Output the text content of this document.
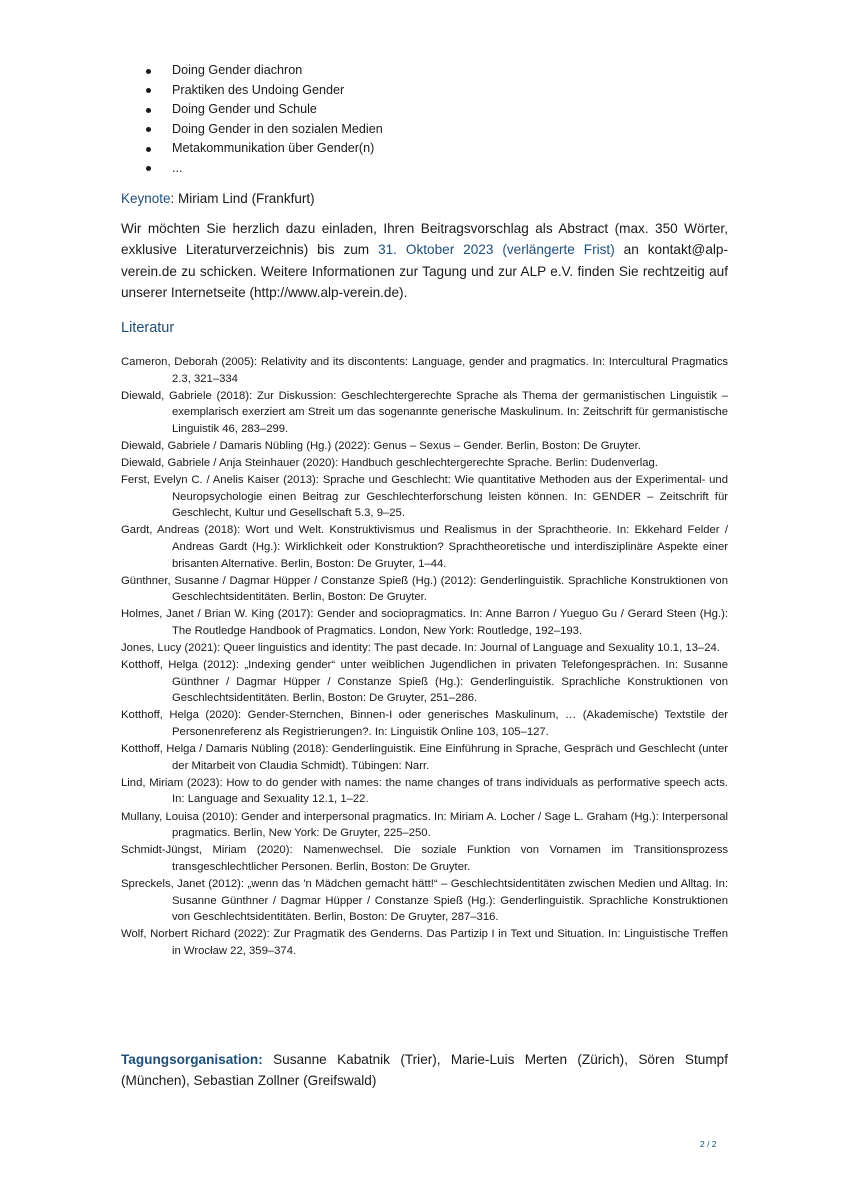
Doing Gender diachron
Praktiken des Undoing Gender
Doing Gender und Schule
Doing Gender in den sozialen Medien
Metakommunikation über Gender(n)
...
Keynote: Miriam Lind (Frankfurt)

Wir möchten Sie herzlich dazu einladen, Ihren Beitragsvorschlag als Abstract (max. 350 Wörter, exklusive Literaturverzeichnis) bis zum 31. Oktober 2023 (verlängerte Frist) an kontakt@alp-verein.de zu schicken. Weitere Informationen zur Tagung und zur ALP e.V. finden Sie rechtzeitig auf unserer Internetseite (http://www.alp-verein.de).

Literatur

Cameron, Deborah (2005): Relativity and its discontents: Language, gender and pragmatics. In: Intercultural Pragmatics 2.3, 321–334

Diewald, Gabriele (2018): Zur Diskussion: Geschlechtergerechte Sprache als Thema der germanistischen Linguistik – exemplarisch exerziert am Streit um das sogenannte generische Maskulinum. In: Zeitschrift für germanistische Linguistik 46, 283–299.

Diewald, Gabriele / Damaris Nübling (Hg.) (2022): Genus – Sexus – Gender. Berlin, Boston: De Gruyter.

Diewald, Gabriele / Anja Steinhauer (2020): Handbuch geschlechtergerechte Sprache. Berlin: Dudenverlag.

Ferst, Evelyn C. / Anelis Kaiser (2013): Sprache und Geschlecht: Wie quantitative Methoden aus der Experimental- und Neuropsychologie einen Beitrag zur Geschlechterforschung leisten können. In: GENDER – Zeitschrift für Geschlecht, Kultur und Gesellschaft 5.3, 9–25.

Gardt, Andreas (2018): Wort und Welt. Konstruktivismus und Realismus in der Sprachtheorie. In: Ekkehard Felder / Andreas Gardt (Hg.): Wirklichkeit oder Konstruktion? Sprachtheoretische und interdisziplinäre Aspekte einer brisanten Alternative. Berlin, Boston: De Gruyter, 1–44.

Günthner, Susanne / Dagmar Hüpper / Constanze Spieß (Hg.) (2012): Genderlinguistik. Sprachliche Konstruktionen von Geschlechtsidentitäten. Berlin, Boston: De Gruyter.

Holmes, Janet / Brian W. King (2017): Gender and sociopragmatics. In: Anne Barron / Yueguo Gu / Gerard Steen (Hg.): The Routledge Handbook of Pragmatics. London, New York: Routledge, 192–193.

Jones, Lucy (2021): Queer linguistics and identity: The past decade. In: Journal of Language and Sexuality 10.1, 13–24.

Kotthoff, Helga (2012): „Indexing gender“ unter weiblichen Jugendlichen in privaten Telefongesprächen. In: Susanne Günthner / Dagmar Hüpper / Constanze Spieß (Hg.): Genderlinguistik. Sprachliche Konstruktionen von Geschlechtsidentitäten. Berlin, Boston: De Gruyter, 251–286.

Kotthoff, Helga (2020): Gender-Sternchen, Binnen-I oder generisches Maskulinum, … (Akademische) Textstile der Personenreferenz als Registrierungen?. In: Linguistik Online 103, 105–127.

Kotthoff, Helga / Damaris Nübling (2018): Genderlinguistik. Eine Einführung in Sprache, Gespräch und Geschlecht (unter der Mitarbeit von Claudia Schmidt). Tübingen: Narr.

Lind, Miriam (2023): How to do gender with names: the name changes of trans individuals as performative speech acts. In: Language and Sexuality 12.1, 1–22.

Mullany, Louisa (2010): Gender and interpersonal pragmatics. In: Miriam A. Locher / Sage L. Graham (Hg.): Interpersonal pragmatics. Berlin, New York: De Gruyter, 225–250.

Schmidt-Jüngst, Miriam (2020): Namenwechsel. Die soziale Funktion von Vornamen im Transitionsprozess transgeschlechtlicher Personen. Berlin, Boston: De Gruyter.

Spreckels, Janet (2012): „wenn das 'n Mädchen gemacht hätt!“ – Geschlechtsidentitäten zwischen Medien und Alltag. In: Susanne Günthner / Dagmar Hüpper / Constanze Spieß (Hg.): Genderlinguistik. Sprachliche Konstruktionen von Geschlechtsidentitäten. Berlin, Boston: De Gruyter, 287–316.

Wolf, Norbert Richard (2022): Zur Pragmatik des Genderns. Das Partizip I in Text und Situation. In: Linguistische Treffen in Wrocław 22, 359–374.

Tagungsorganisation: Susanne Kabatnik (Trier), Marie-Luis Merten (Zürich), Sören Stumpf (München), Sebastian Zollner (Greifswald)

2 / 2
